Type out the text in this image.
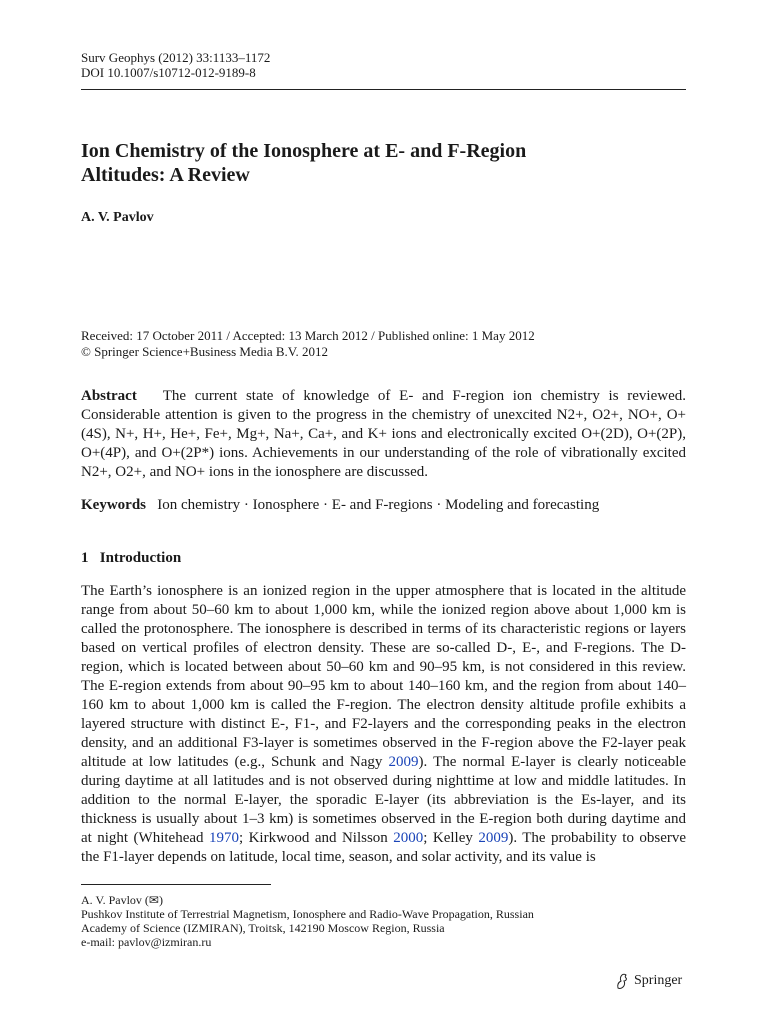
Surv Geophys (2012) 33:1133–1172
DOI 10.1007/s10712-012-9189-8
Ion Chemistry of the Ionosphere at E- and F-Region
Altitudes: A Review
A. V. Pavlov
Received: 17 October 2011 / Accepted: 13 March 2012 / Published online: 1 May 2012
© Springer Science+Business Media B.V. 2012
Abstract The current state of knowledge of E- and F-region ion chemistry is reviewed. Considerable attention is given to the progress in the chemistry of unexcited N2+, O2+, NO+, O+(4S), N+, H+, He+, Fe+, Mg+, Na+, Ca+, and K+ ions and electronically excited O+(2D), O+(2P), O+(4P), and O+(2P*) ions. Achievements in our understanding of the role of vibrationally excited N2+, O2+, and NO+ ions in the ionosphere are discussed.
Keywords Ion chemistry · Ionosphere · E- and F-regions · Modeling and forecasting
1 Introduction
The Earth’s ionosphere is an ionized region in the upper atmosphere that is located in the altitude range from about 50–60 km to about 1,000 km, while the ionized region above about 1,000 km is called the protonosphere. The ionosphere is described in terms of its characteristic regions or layers based on vertical profiles of electron density. These are so-called D-, E-, and F-regions. The D-region, which is located between about 50–60 km and 90–95 km, is not considered in this review. The E-region extends from about 90–95 km to about 140–160 km, and the region from about 140–160 km to about 1,000 km is called the F-region. The electron density altitude profile exhibits a layered structure with distinct E-, F1-, and F2-layers and the corresponding peaks in the electron density, and an additional F3-layer is sometimes observed in the F-region above the F2-layer peak altitude at low latitudes (e.g., Schunk and Nagy 2009). The normal E-layer is clearly noticeable during daytime at all latitudes and is not observed during nighttime at low and middle latitudes. In addition to the normal E-layer, the sporadic E-layer (its abbreviation is the Es-layer, and its thickness is usually about 1–3 km) is sometimes observed in the E-region both during daytime and at night (Whitehead 1970; Kirkwood and Nilsson 2000; Kelley 2009). The probability to observe the F1-layer depends on latitude, local time, season, and solar activity, and its value is
A. V. Pavlov (✉)
Pushkov Institute of Terrestrial Magnetism, Ionosphere and Radio-Wave Propagation, Russian
Academy of Science (IZMIRAN), Troitsk, 142190 Moscow Region, Russia
e-mail: pavlov@izmiran.ru
Springer
